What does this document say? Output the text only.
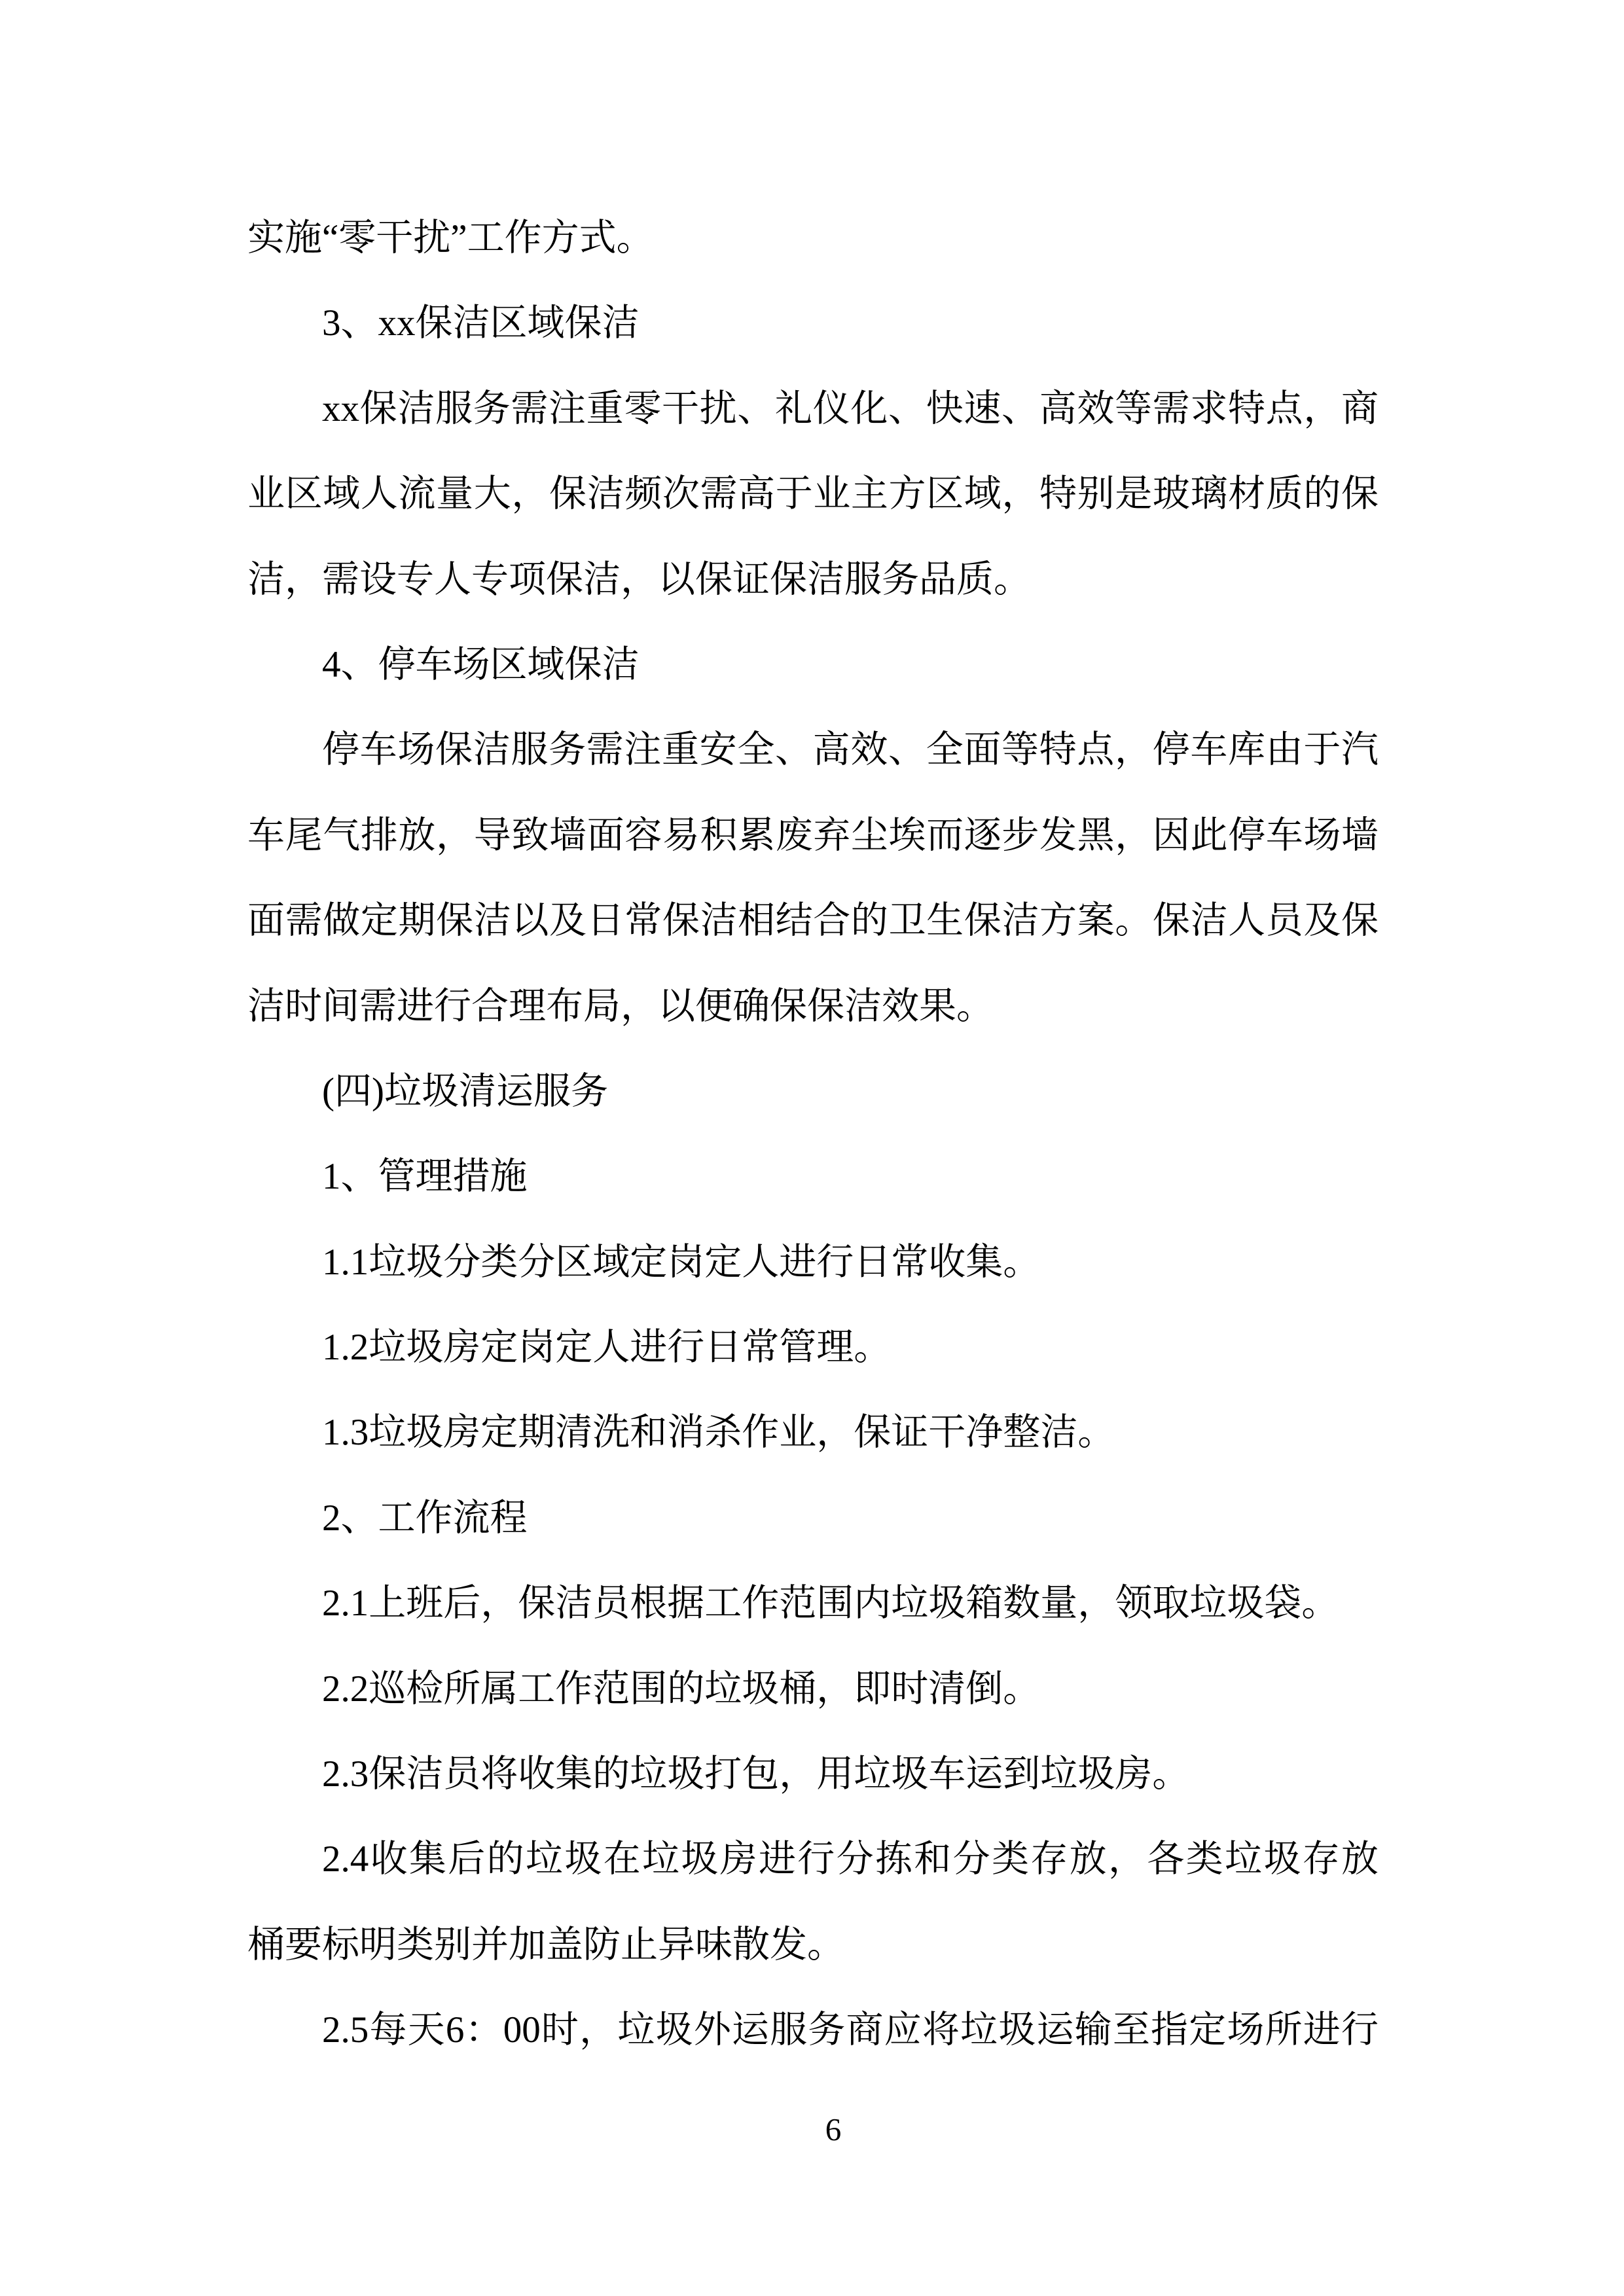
实施“零干扰”工作方式。
3、xx保洁区域保洁
xx保洁服务需注重零干扰、礼仪化、快速、高效等需求特点，商
业区域人流量大，保洁频次需高于业主方区域，特别是玻璃材质的保
洁，需设专人专项保洁，以保证保洁服务品质。
4、停车场区域保洁
停车场保洁服务需注重安全、高效、全面等特点，停车库由于汽
车尾气排放，导致墙面容易积累废弃尘埃而逐步发黑，因此停车场墙
面需做定期保洁以及日常保洁相结合的卫生保洁方案。保洁人员及保
洁时间需进行合理布局，以便确保保洁效果。
(四)垃圾清运服务
1、管理措施
1.1垃圾分类分区域定岗定人进行日常收集。
1.2垃圾房定岗定人进行日常管理。
1.3垃圾房定期清洗和消杀作业，保证干净整洁。
2、工作流程
2.1上班后，保洁员根据工作范围内垃圾箱数量，领取垃圾袋。
2.2巡检所属工作范围的垃圾桶，即时清倒。
2.3保洁员将收集的垃圾打包，用垃圾车运到垃圾房。
2.4收集后的垃圾在垃圾房进行分拣和分类存放，各类垃圾存放
桶要标明类别并加盖防止异味散发。
2.5每天6：00时，垃圾外运服务商应将垃圾运输至指定场所进行
6
